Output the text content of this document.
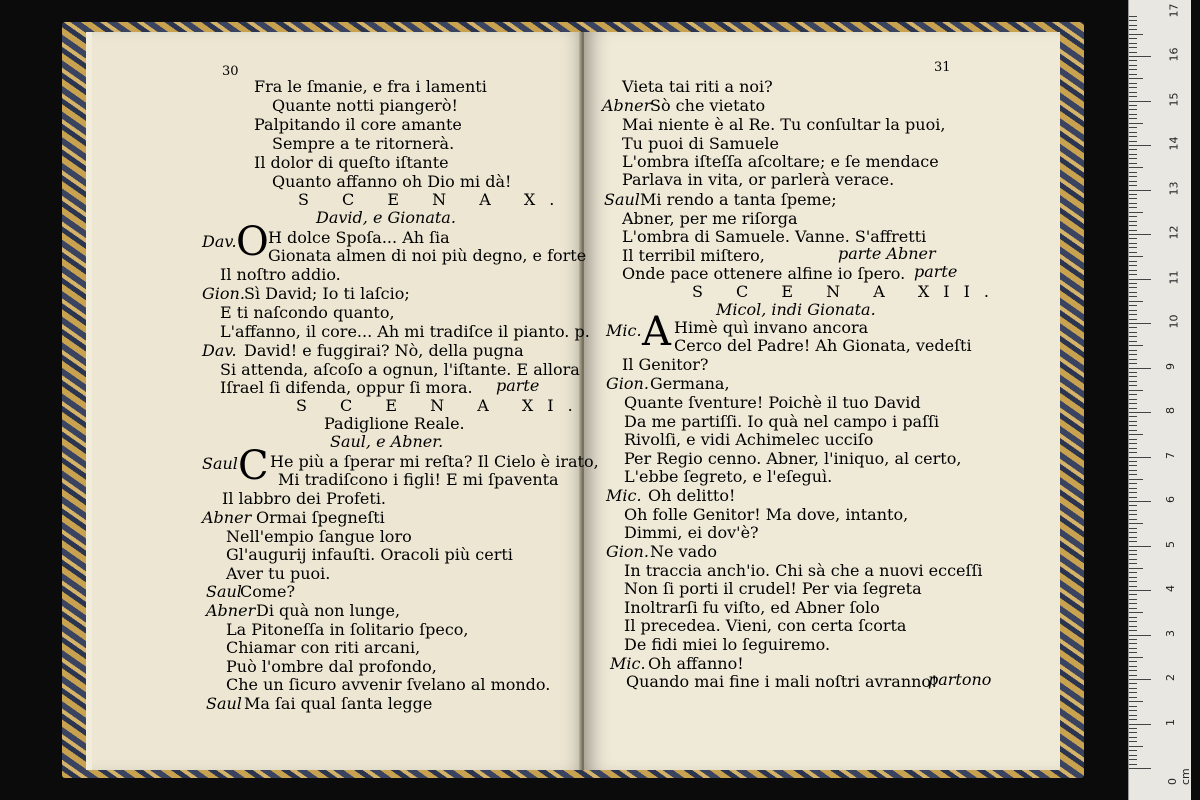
30
Fra le ſmanie, e fra i lamenti
Quante notti piangerò!
Palpitando il core amante
Sempre a te ritornerà.
Il dolor di queſto iſtante
Quanto affanno oh Dio mi dà!
S C E N A X.
David, e Gionata.
Dav. O H dolce Spoſa... Ah ſia
Gionata almen di noi più degno, e forte
Il noſtro addio.
Gion. Sì David; Io ti laſcio;
E ti naſcondo quanto,
L'affanno, il core... Ah mi tradiſce il pianto. p.
Dav. David! e fuggirai? Nò, della pugna
Si attenda, aſcoſo a ognun, l'iſtante. E allora
Iſrael ſi difenda, oppur ſi mora. parte
S C E N A XI.
Padiglione Reale.
Saul, e Abner.
Saul C He più a ſperar mi reſta? Il Cielo è irato,
Mi tradiſcono i figli! E mi ſpaventa
Il labbro dei Profeti.
Abner Ormai ſpegneſti
Nell'empio ſangue loro
Gl'augurij infauſti. Oracoli più certi
Aver tu puoi.
Saul
Come?
Abner Di quà non lunge,
La Pitoneſſa in ſolitario ſpeco,
Chiamar con riti arcani,
Può l'ombre dal profondo,
Che un ſicuro avvenir ſvelano al mondo.
Saul Ma ſai qual ſanta legge
31
Vieta tai riti a noi?
Abner
Sò che vietato
Mai niente è al Re. Tu conſultar la puoi,
Tu puoi di Samuele
L'ombra iſteſſa aſcoltare; e ſe mendace
Parlava in vita, or parlerà verace.
Saul Mi rendo a tanta ſpeme;
Abner, per me riſorga
L'ombra di Samuele. Vanne. S'affretti
Il terribil miſtero,	parte Abner
Onde pace ottenere alfine io ſpero. parte
S C E N A XII.
Micol, indi Gionata.
Mic. A Himè quì invano ancora
Cerco del Padre! Ah Gionata, vedeſti
Il Genitor?
Gion. Germana,
Quante ſventure! Poichè il tuo David
Da me partiſſi. Io quà nel campo i paſſi
Rivolſi, e vidi Achimelec ucciſo
Per Regio cenno. Abner, l'iniquo, al certo,
L'ebbe ſegreto, e l'eſeguì.
Mic. Oh delitto!
Oh folle Genitor! Ma dove, intanto,
Dimmi, ei dov'è?
Gion. Ne vado
In traccia anch'io. Chi sà che a nuovi ecceſſi
Non ſi porti il crudel! Per via ſegreta
Inoltrarſi fu viſto, ed Abner ſolo
Il precedea. Vieni, con certa ſcorta
De fidi miei lo ſeguiremo.
Mic. Oh affanno!
Quando mai fine i mali noſtri avranno!
partono
0 cm
1
2
3
4
5
6
7
8
9
10
11
12
13
14
15
16
17
